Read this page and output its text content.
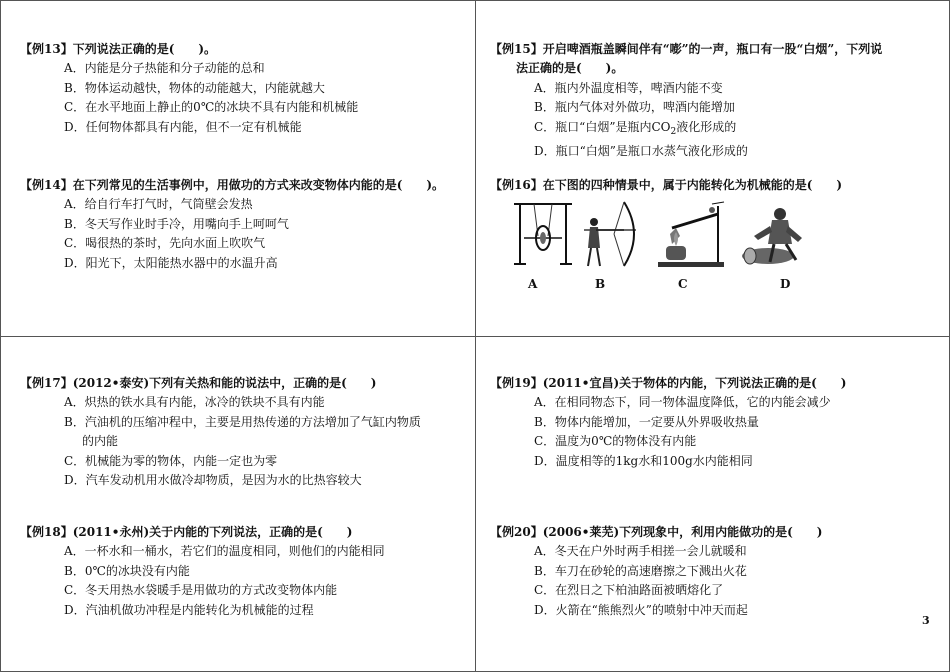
【例13】下列说法正确的是(　　)。
A．内能是分子热能和分子动能的总和
B．物体运动越快，物体的动能越大，内能就越大
C．在水平地面上静止的0℃的冰块不具有内能和机械能
D．任何物体都具有内能，但不一定有机械能
【例14】在下列常见的生活事例中，用做功的方式来改变物体内能的是(　　)。
A．给自行车打气时，气筒壁会发热
B．冬天写作业时手冷，用嘴向手上呵呵气
C．喝很热的茶时，先向水面上吹吹气
D．阳光下，太阳能热水器中的水温升高
【例15】开启啤酒瓶盖瞬间伴有“嘭”的一声，瓶口有一股“白烟”，下列说
法正确的是(　　)。
A．瓶内外温度相等，啤酒内能不变
B．瓶内气体对外做功，啤酒内能增加
C．瓶口“白烟”是瓶内$CO_2$液化形成的
D．瓶口“白烟”是瓶口水蒸气液化形成的
【例16】在下图的四种情景中，属于内能转化为机械能的是(　　)
A	B	C	D
【例17】(2012•泰安)下列有关热和能的说法中，正确的是(　　)
A．炽热的铁水具有内能，冰冷的铁块不具有内能
B．汽油机的压缩冲程中，主要是用热传递的方法增加了气缸内物质
的内能
C．机械能为零的物体，内能一定也为零
D．汽车发动机用水做冷却物质，是因为水的比热容较大
【例18】(2011•永州)关于内能的下列说法，正确的是(　　)
A．一杯水和一桶水，若它们的温度相同，则他们的内能相同
B．0℃的冰块没有内能
C．冬天用热水袋暖手是用做功的方式改变物体内能
D．汽油机做功冲程是内能转化为机械能的过程
【例19】(2011•宜昌)关于物体的内能，下列说法正确的是(　　)
A．在相同物态下，同一物体温度降低，它的内能会减少
B．物体内能增加，一定要从外界吸收热量
C．温度为0℃的物体没有内能
D．温度相等的1kg水和100g水内能相同
【例20】(2006•莱芜)下列现象中，利用内能做功的是(　　)
A．冬天在户外时两手相搓一会儿就暖和
B．车刀在砂轮的高速磨擦之下溅出火花
C．在烈日之下柏油路面被晒熔化了
D．火箭在“熊熊烈火”的喷射中冲天而起
3
